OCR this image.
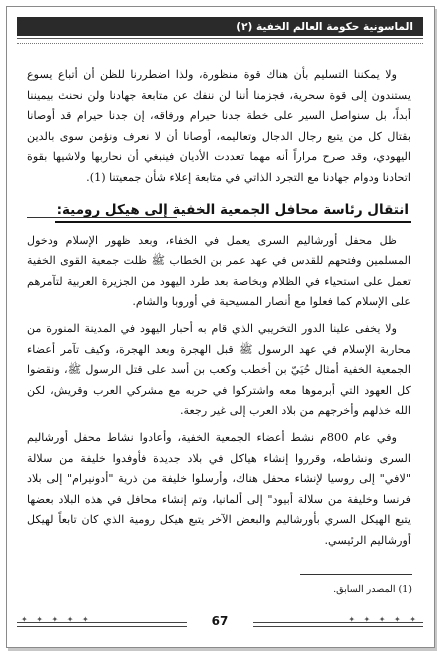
الماسونية حكومة العالم الخفية (٢)

ولا يمكننا التسليم بأن هناك قوة منظورة، ولذا اضطررنا للظن أن أتباع يسوع يستندون إلى قوة سحرية، فجزمنا أننا لن ننفك عن متابعة جهادنا ولن نحنث بيميننا أبداً، بل سنواصل السير على خطة جدنا حيرام ورفاقه، إن جدنا حيرام قد أوصانا بقتال كل من يتبع رجال الدجال وتعاليمه، أوصانا أن لا نعرف ونؤمن سوى بالدين اليهودي، وقد صرح مراراً أنه مهما تعددت الأديان فينبغي أن نحاربها ولاشيها بقوة اتحادنا ودوام جهادنا مع التجرد الذاتي في متابعة إعلاء شأن جمعيتنا (1).

انتقال رئاسة محافل الجمعية الخفية إلى هيكل رومية:

ظل محفل أورشاليم السرى يعمل في الخفاء، وبعد ظهور الإسلام ودخول المسلمين وفتحهم للقدس في عهد عمر بن الخطاب ﷺ ظلت جمعية القوى الخفية تعمل على استحياء في الظلام وبخاصة بعد طرد اليهود من الجزيرة العربية لتآمرهم على الإسلام كما فعلوا مع أنصار المسيحية في أوروبا والشام.

ولا يخفى علينا الدور التخريبي الذي قام به أحبار اليهود في المدينة المنورة من محاربة الإسلام في عهد الرسول ﷺ قبل الهجرة وبعد الهجرة، وكيف تآمر أعضاء الجمعية الخفية أمثال حُيَيّ بن أخطب وكعب بن أسد على قتل الرسول ﷺ، ونقضوا كل العهود التي أبرموها معه واشتركوا في حربه مع مشركي العرب وقريش، لكن الله خذلهم وأخرجهم من بلاد العرب إلى غير رجعة.

وفي عام 800م نشط أعضاء الجمعية الخفية، وأعادوا نشاط محفل أورشاليم السرى ونشاطه، وقرروا إنشاء هياكل في بلاد جديدة فأوفدوا خليفة من سلالة "لافي" إلى روسيا لإنشاء محفل هناك، وأرسلوا خليفة من ذرية "أدونيرام" إلى بلاد فرنسا وخليفة من سلالة أبيود" إلى ألمانيا، وتم إنشاء محافل في هذه البلاد بعضها يتبع الهيكل السري بأورشاليم والبعض الآخر يتبع هيكل رومية الذي كان تابعاً لهيكل أورشاليم الرئيسي.

(1) المصدر السابق.
✦ ✦ ✦ ✦ ✦	67	✦ ✦ ✦ ✦ ✦
